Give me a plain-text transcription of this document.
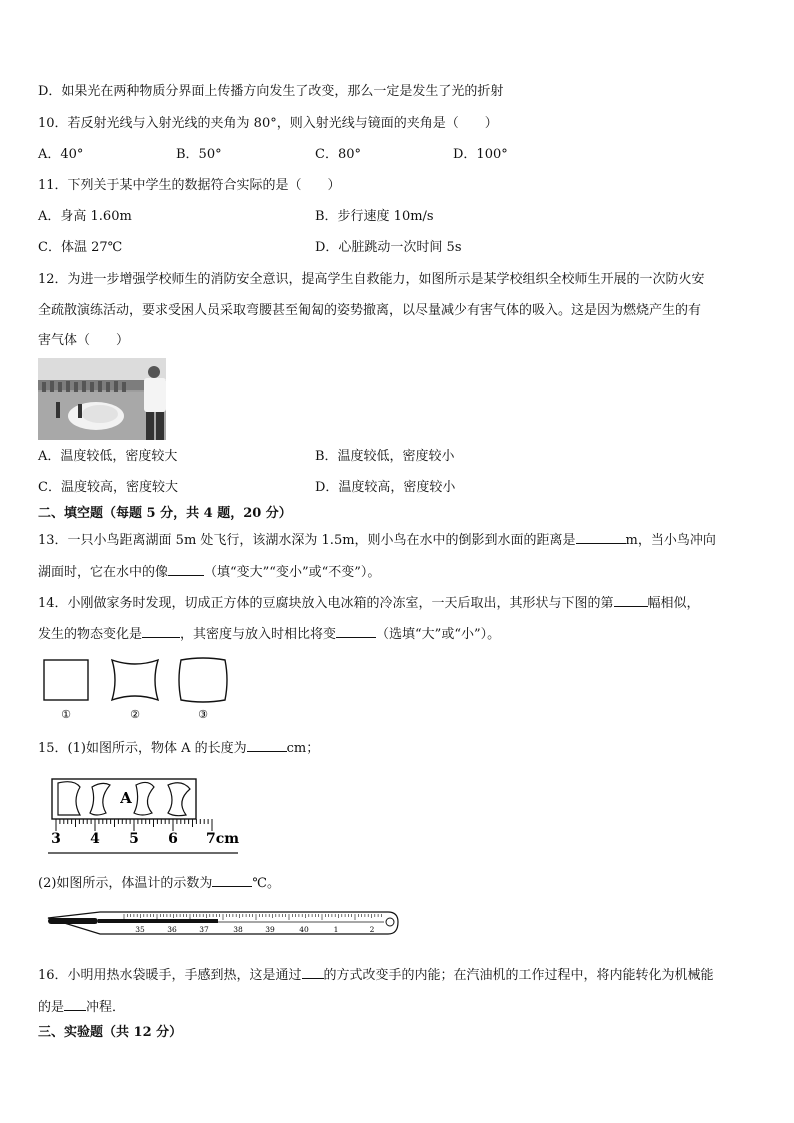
D．如果光在两种物质分界面上传播方向发生了改变，那么一定是发生了光的折射
10．若反射光线与入射光线的夹角为 80°，则入射光线与镜面的夹角是（　　）
A．40°	B．50°	C．80°	D．100°
11．下列关于某中学生的数据符合实际的是（　　）
A．身高 1.60m	B．步行速度 10m/s
C．体温 27℃	D．心脏跳动一次时间 5s
12．为进一步增强学校师生的消防安全意识，提高学生自救能力，如图所示是某学校组织全校师生开展的一次防火安
全疏散演练活动，要求受困人员采取弯腰甚至匍匐的姿势撤离，以尽量减少有害气体的吸入。这是因为燃烧产生的有
害气体（　　）
A．温度较低，密度较大	B．温度较低，密度较小
C．温度较高，密度较大	D．温度较高，密度较小
二、填空题（每题 5 分，共 4 题，20 分）
13．一只小鸟距离湖面 5m 处飞行，该湖水深为 1.5m，则小鸟在水中的倒影到水面的距离是	m，当小鸟冲向
湖面时，它在水中的像	（填“变大”“变小”或“不变”）。
14．小刚做家务时发现，切成正方体的豆腐块放入电冰箱的冷冻室，一天后取出，其形状与下图的第	幅相似，
发生的物态变化是	，其密度与放入时相比将变	（选填“大”或“小”）。
①	②	③
15．(1)如图所示，物体 A 的长度为	cm；
A
3 4 5 6 7cm
(2)如图所示，体温计的示数为	℃。
35	36	37	38	39	40	1	2
16．小明用热水袋暖手，手感到热，这是通过 的方式改变手的内能；在汽油机的工作过程中，将内能转化为机械能
的是 冲程．
三、实验题（共 12 分）
